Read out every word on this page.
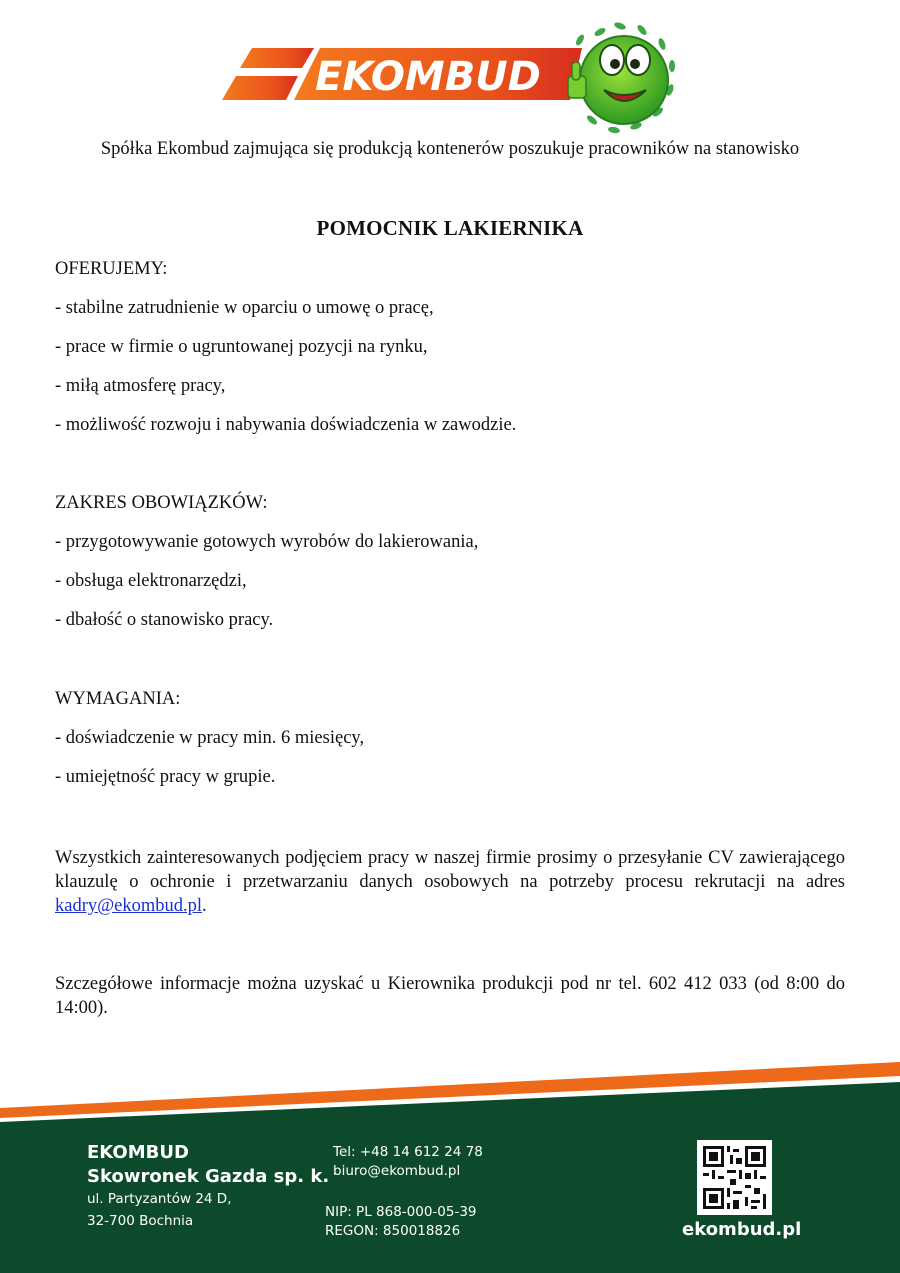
EKOMBUD
Spółka Ekombud zajmująca się produkcją kontenerów poszukuje pracowników na stanowisko
POMOCNIK LAKIERNIKA
OFERUJEMY:
- stabilne zatrudnienie w oparciu o umowę o pracę,
- prace w firmie o ugruntowanej pozycji na rynku,
- miłą atmosferę pracy,
- możliwość rozwoju i nabywania doświadczenia w zawodzie.
ZAKRES OBOWIĄZKÓW:
- przygotowywanie gotowych wyrobów do lakierowania,
- obsługa elektronarzędzi,
- dbałość o stanowisko pracy.
WYMAGANIA:
- doświadczenie w pracy min. 6 miesięcy,
- umiejętność pracy w grupie.
Wszystkich zainteresowanych podjęciem pracy w naszej firmie prosimy o przesyłanie CV zawierającego klauzulę o ochronie i przetwarzaniu danych osobowych na potrzeby procesu rekrutacji na adres kadry@ekombud.pl.
Szczegółowe informacje można uzyskać u Kierownika produkcji pod nr tel. 602 412 033 (od 8:00 do 14:00).
EKOMBUD
Skowronek Gazda sp. k.
ul. Partyzantów 24 D,
32-700 Bochnia
Tel: +48 14 612 24 78
biuro@ekombud.pl
NIP: PL 868-000-05-39
REGON: 850018826	ekombud.pl
